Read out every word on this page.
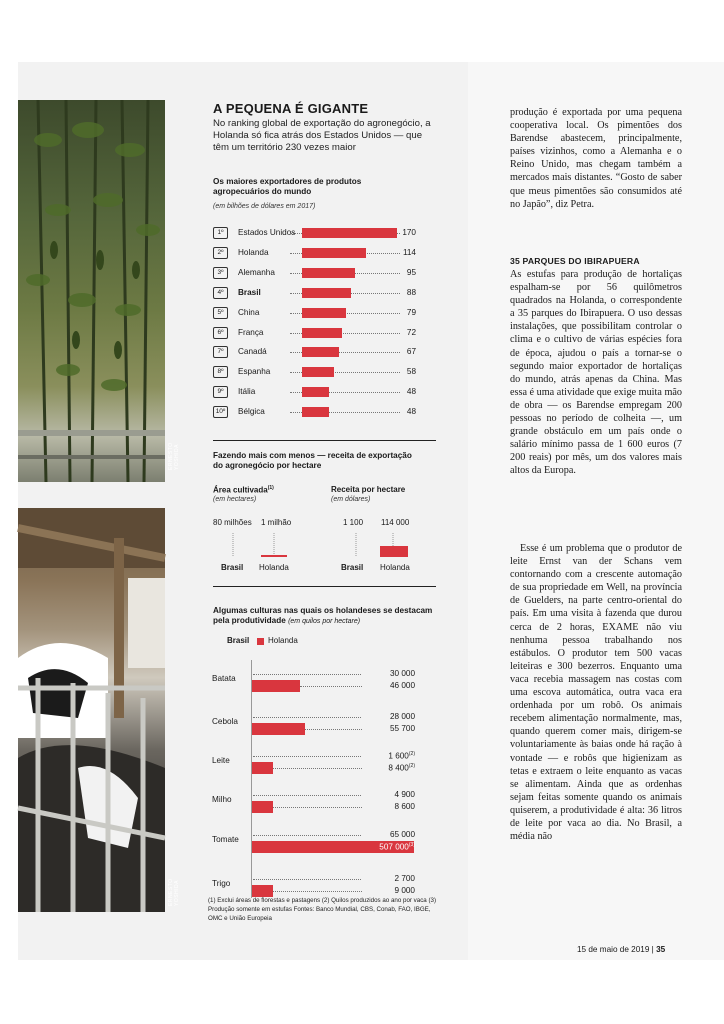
ERNESTO YOSHIDA
ERNESTO YOSHIDA
A PEQUENA É GIGANTE
No ranking global de exportação do agronegócio, a Holanda só fica atrás dos Estados Unidos — que têm um território 230 vezes maior
Os maiores exportadores de produtos agropecuários do mundo
(em bilhões de dólares em 2017)
1º	Estados Unidos	170
2º	Holanda	114
3º	Alemanha	95
4º	Brasil	88
5º	China	79
6º	França	72
7º	Canadá	67
8º	Espanha	58
9º	Itália	48
10º	Bélgica	48
Fazendo mais com menos — receita de exportação do agronegócio por hectare
Área cultivada$^{(1)}$
(em hectares)
Receita por hectare
(em dólares)
80 milhões 1 milhão	1 100 114 000
Brasil Holanda	Brasil Holanda
Algumas culturas nas quais os holandeses se destacam pela produtividade (em quilos por hectare)
Brasil Holanda
Batata
30 000
46 000
Cebola
28 000
55 700
Leite	1 600$^{(2)}$
8 400$^{(2)}$
Milho
4 900
8 600
Tomate
65 000
507 000$^{(3)}$
Trigo
2 700
9 000
(1) Exclui áreas de florestas e pastagens (2) Quilos produzidos ao ano por vaca (3) Produção somente em estufas Fontes: Banco Mundial, CBS, Conab, FAO, IBGE, OMC e União Europeia

produção é exportada por uma pequena cooperativa local. Os pimentões dos Barendse abastecem, principalmente, países vizinhos, como a Alemanha e o Reino Unido, mas chegam também a mercados mais distantes. “Gosto de saber que meus pimentões são consumidos até no Japão”, diz Petra.

35 PARQUES DO IBIRAPUERA

As estufas para produção de hortaliças espalham-se por 56 quilômetros quadrados na Holanda, o correspondente a 35 parques do Ibirapuera. O uso dessas instalações, que possibilitam controlar o clima e o cultivo de várias espécies fora de época, ajudou o país a tornar-se o segundo maior exportador de hortaliças do mundo, atrás apenas da China. Mas essa é uma atividade que exige muita mão de obra — os Barendse empregam 200 pessoas no período de colheita —, um grande obstáculo em um país onde o salário mínimo passa de 1 600 euros (7 200 reais) por mês, um dos valores mais altos da Europa.

Esse é um problema que o produtor de leite Ernst van der Schans vem contornando com a crescente automação de sua propriedade em Well, na província de Guelders, na parte centro-oriental do país. Em uma visita à fazenda que durou cerca de 2 horas, EXAME não viu nenhuma pessoa trabalhando nos estábulos. O produtor tem 500 vacas leiteiras e 300 bezerros. Enquanto uma vaca recebia massagem nas costas com uma escova automática, outra vaca era ordenhada por um robô. Os animais recebem alimentação normalmente, mas, quando querem comer mais, dirigem-se voluntariamente às baias onde há ração à vontade — e robôs que higienizam as tetas e extraem o leite enquanto as vacas se alimentam. Ainda que as ordenhas sejam feitas somente quando os animais quiserem, a produtividade é alta: 36 litros de leite por vaca ao dia. No Brasil, a média não

15 de maio de 2019 | 35
